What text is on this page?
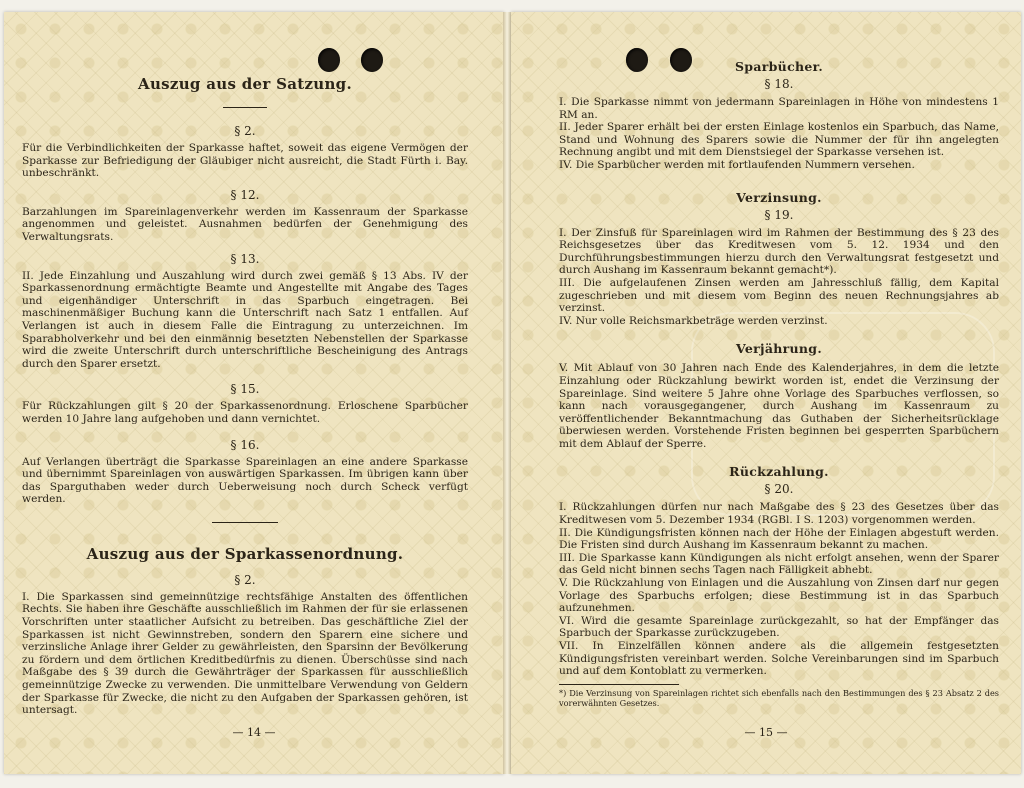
Auszug aus der Satzung.
§ 2.

Für die Verbindlichkeiten der Sparkasse haftet, soweit das eigene Vermögen der Sparkasse zur Befriedigung der Gläubiger nicht ausreicht, die Stadt Fürth i. Bay. unbeschränkt.

§ 12.

Barzahlungen im Spareinlagenverkehr werden im Kassenraum der Sparkasse angenommen und geleistet. Ausnahmen bedürfen der Genehmigung des Verwaltungsrats.

§ 13.

II. Jede Einzahlung und Auszahlung wird durch zwei gemäß § 13 Abs. IV der Sparkassenordnung ermächtigte Beamte und Angestellte mit Angabe des Tages und eigenhändiger Unterschrift in das Sparbuch eingetragen. Bei maschinenmäßiger Buchung kann die Unterschrift nach Satz 1 entfallen. Auf Verlangen ist auch in diesem Falle die Eintragung zu unterzeichnen. Im Sparabholverkehr und bei den einmännig besetzten Nebenstellen der Sparkasse wird die zweite Unterschrift durch unterschriftliche Bescheinigung des Antrags durch den Sparer ersetzt.

§ 15.

Für Rückzahlungen gilt § 20 der Sparkassenordnung. Erloschene Sparbücher werden 10 Jahre lang aufgehoben und dann vernichtet.

§ 16.

Auf Verlangen überträgt die Sparkasse Spareinlagen an eine andere Sparkasse und übernimmt Spareinlagen von auswärtigen Sparkassen. Im übrigen kann über das Sparguthaben weder durch Ueberweisung noch durch Scheck verfügt werden.

Auszug aus der Sparkassenordnung.
§ 2.

I. Die Sparkassen sind gemeinnützige rechtsfähige Anstalten des öffentlichen Rechts. Sie haben ihre Geschäfte ausschließlich im Rahmen der für sie erlassenen Vorschriften unter staatlicher Aufsicht zu betreiben. Das geschäftliche Ziel der Sparkassen ist nicht Gewinnstreben, sondern den Sparern eine sichere und verzinsliche Anlage ihrer Gelder zu gewährleisten, den Sparsinn der Bevölkerung zu fördern und dem örtlichen Kreditbedürfnis zu dienen. Überschüsse sind nach Maßgabe des § 39 durch die Gewährträger der Sparkassen für ausschließlich gemeinnützige Zwecke zu verwenden. Die unmittelbare Verwendung von Geldern der Sparkasse für Zwecke, die nicht zu den Aufgaben der Sparkassen gehören, ist untersagt.

— 14 —
Sparbücher.
§ 18.

I. Die Sparkasse nimmt von jedermann Spareinlagen in Höhe von mindestens 1 RM an.

II. Jeder Sparer erhält bei der ersten Einlage kostenlos ein Sparbuch, das Name, Stand und Wohnung des Sparers sowie die Nummer der für ihn angelegten Rechnung angibt und mit dem Dienstsiegel der Sparkasse versehen ist.

IV. Die Sparbücher werden mit fortlaufenden Nummern versehen.

Verzinsung.
§ 19.

I. Der Zinsfuß für Spareinlagen wird im Rahmen der Bestimmung des § 23 des Reichsgesetzes über das Kreditwesen vom 5. 12. 1934 und den Durchführungsbestimmungen hierzu durch den Verwaltungsrat festgesetzt und durch Aushang im Kassenraum bekannt gemacht*).

III. Die aufgelaufenen Zinsen werden am Jahresschluß fällig, dem Kapital zugeschrieben und mit diesem vom Beginn des neuen Rechnungsjahres ab verzinst.

IV. Nur volle Reichsmarkbeträge werden verzinst.

Verjährung.

V. Mit Ablauf von 30 Jahren nach Ende des Kalenderjahres, in dem die letzte Einzahlung oder Rückzahlung bewirkt worden ist, endet die Verzinsung der Spareinlage. Sind weitere 5 Jahre ohne Vorlage des Sparbuches verflossen, so kann nach vorausgegangener, durch Aushang im Kassenraum zu veröffentlichender Bekanntmachung das Guthaben der Sicherheitsrücklage überwiesen werden. Vorstehende Fristen beginnen bei gesperrten Sparbüchern mit dem Ablauf der Sperre.

Rückzahlung.
§ 20.

I. Rückzahlungen dürfen nur nach Maßgabe des § 23 des Gesetzes über das Kreditwesen vom 5. Dezember 1934 (RGBl. I S. 1203) vorgenommen werden.

II. Die Kündigungsfristen können nach der Höhe der Einlagen abgestuft werden. Die Fristen sind durch Aushang im Kassenraum bekannt zu machen.

III. Die Sparkasse kann Kündigungen als nicht erfolgt ansehen, wenn der Sparer das Geld nicht binnen sechs Tagen nach Fälligkeit abhebt.

V. Die Rückzahlung von Einlagen und die Auszahlung von Zinsen darf nur gegen Vorlage des Sparbuchs erfolgen; diese Bestimmung ist in das Sparbuch aufzunehmen.

VI. Wird die gesamte Spareinlage zurückgezahlt, so hat der Empfänger das Sparbuch der Sparkasse zurückzugeben.

VII. In Einzelfällen können andere als die allgemein festgesetzten Kündigungsfristen vereinbart werden. Solche Vereinbarungen sind im Sparbuch und auf dem Kontoblatt zu vermerken.

*) Die Verzinsung von Spareinlagen richtet sich ebenfalls nach den Bestimmungen des § 23 Absatz 2 des vorerwähnten Gesetzes.

— 15 —
